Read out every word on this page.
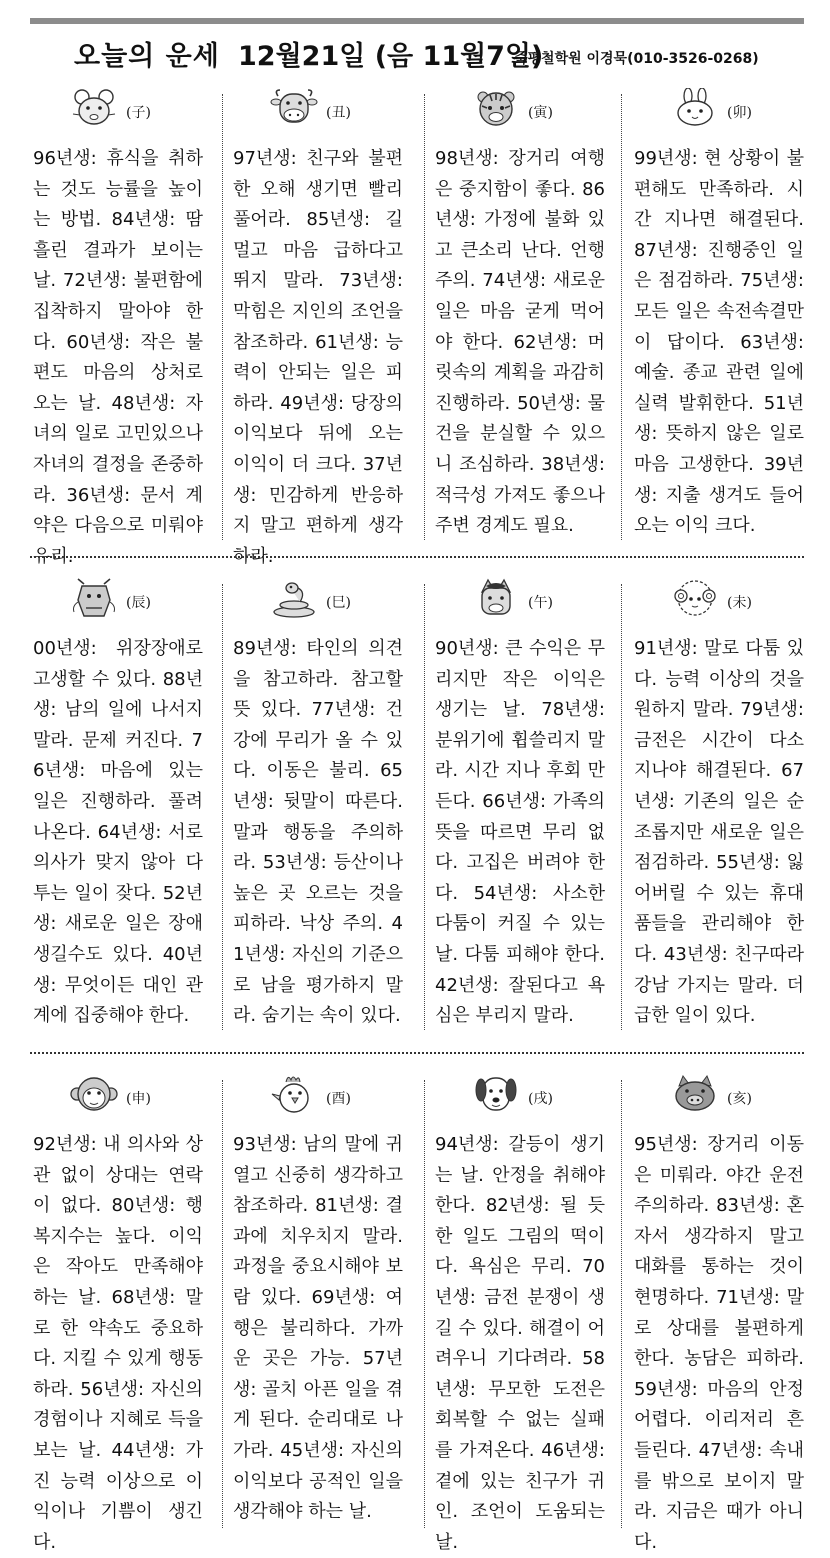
오늘의 운세 12월21일 (음 11월7일)
죽평철학원 이경묵(010-3526-0268)
(子)
96년생: 휴식을 취하는 것도 능률을 높이는 방법. 84년생: 땀 흘린 결과가 보이는 날. 72년생: 불편함에 집착하지 말아야 한다. 60년생: 작은 불편도 마음의 상처로 오는 날. 48년생: 자녀의 일로 고민있으나 자녀의 결정을 존중하라. 36년생: 문서 계약은 다음으로 미뤄야 유리.
(丑)
97년생: 친구와 불편한 오해 생기면 빨리 풀어라. 85년생: 길 멀고 마음 급하다고 뛰지 말라. 73년생: 막힘은 지인의 조언을 참조하라. 61년생: 능력이 안되는 일은 피하라. 49년생: 당장의 이익보다 뒤에 오는 이익이 더 크다. 37년생: 민감하게 반응하지 말고 편하게 생각하라.
(寅)
98년생: 장거리 여행은 중지함이 좋다. 86년생: 가정에 불화 있고 큰소리 난다. 언행 주의. 74년생: 새로운 일은 마음 굳게 먹어야 한다. 62년생: 머릿속의 계획을 과감히 진행하라. 50년생: 물건을 분실할 수 있으니 조심하라. 38년생: 적극성 가져도 좋으나 주변 경계도 필요.
(卯)
99년생: 현 상황이 불편해도 만족하라. 시간 지나면 해결된다. 87년생: 진행중인 일은 점검하라. 75년생: 모든 일은 속전속결만이 답이다. 63년생: 예술. 종교 관련 일에 실력 발휘한다. 51년생: 뜻하지 않은 일로 마음 고생한다. 39년생: 지출 생겨도 들어오는 이익 크다.
(辰)
00년생: 위장장애로 고생할 수 있다. 88년생: 남의 일에 나서지 말라. 문제 커진다. 76년생: 마음에 있는 일은 진행하라. 풀려 나온다. 64년생: 서로 의사가 맞지 않아 다투는 일이 잦다. 52년생: 새로운 일은 장애 생길수도 있다. 40년생: 무엇이든 대인 관계에 집중해야 한다.
(巳)
89년생: 타인의 의견을 참고하라. 참고할 뜻 있다. 77년생: 건강에 무리가 올 수 있다. 이동은 불리. 65년생: 뒷말이 따른다. 말과 행동을 주의하라. 53년생: 등산이나 높은 곳 오르는 것을 피하라. 낙상 주의. 41년생: 자신의 기준으로 남을 평가하지 말라. 숨기는 속이 있다.
(午)
90년생: 큰 수익은 무리지만 작은 이익은 생기는 날. 78년생: 분위기에 휩쓸리지 말라. 시간 지나 후회 만든다. 66년생: 가족의 뜻을 따르면 무리 없다. 고집은 버려야 한다. 54년생: 사소한 다툼이 커질 수 있는 날. 다툼 피해야 한다. 42년생: 잘된다고 욕심은 부리지 말라.
(未)
91년생: 말로 다툼 있다. 능력 이상의 것을 원하지 말라. 79년생: 금전은 시간이 다소 지나야 해결된다. 67년생: 기존의 일은 순조롭지만 새로운 일은 점검하라. 55년생: 잃어버릴 수 있는 휴대품들을 관리해야 한다. 43년생: 친구따라 강남 가지는 말라. 더 급한 일이 있다.
(申)
92년생: 내 의사와 상관 없이 상대는 연락이 없다. 80년생: 행복지수는 높다. 이익은 작아도 만족해야 하는 날. 68년생: 말로 한 약속도 중요하다. 지킬 수 있게 행동하라. 56년생: 자신의 경험이나 지혜로 득을 보는 날. 44년생: 가진 능력 이상으로 이익이나 기쁨이 생긴다.
(酉)
93년생: 남의 말에 귀 열고 신중히 생각하고 참조하라. 81년생: 결과에 치우치지 말라. 과정을 중요시해야 보람 있다. 69년생: 여행은 불리하다. 가까운 곳은 가능. 57년생: 골치 아픈 일을 겪게 된다. 순리대로 나가라. 45년생: 자신의 이익보다 공적인 일을 생각해야 하는 날.
(戌)
94년생: 갈등이 생기는 날. 안정을 취해야 한다. 82년생: 될 듯한 일도 그림의 떡이다. 욕심은 무리. 70년생: 금전 분쟁이 생길 수 있다. 해결이 어려우니 기다려라. 58년생: 무모한 도전은 회복할 수 없는 실패를 가져온다. 46년생: 곁에 있는 친구가 귀인. 조언이 도움되는 날.
(亥)
95년생: 장거리 이동은 미뤄라. 야간 운전 주의하라. 83년생: 혼자서 생각하지 말고 대화를 통하는 것이 현명하다. 71년생: 말로 상대를 불편하게 한다. 농담은 피하라. 59년생: 마음의 안정 어렵다. 이리저리 흔들린다. 47년생: 속내를 밖으로 보이지 말라. 지금은 때가 아니다.
